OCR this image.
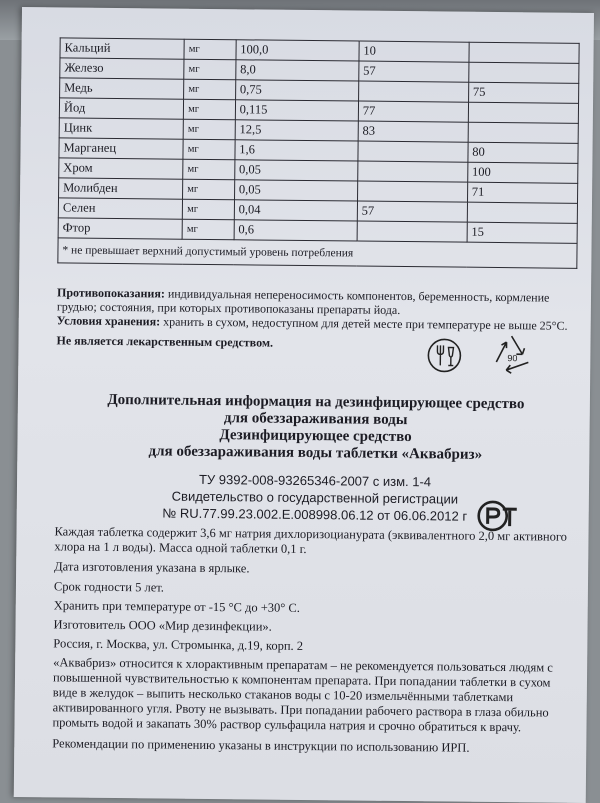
Кальций	мг	100,0	10	
Железо	мг	8,0	57	
Медь	мг	0,75		75
Йод	мг	0,115	77	
Цинк	мг	12,5	83	
Марганец	мг	1,6		80
Хром	мг	0,05		100
Молибден	мг	0,05		71
Селен	мг	0,04	57	
Фтор	мг	0,6		15
* не превышает верхний допустимый уровень потребления				

Противопоказания: индивидуальная непереносимость компонентов, беременность, кормление грудью; состояния, при которых противопоказаны препараты йода.

Условия хранения: хранить в сухом, недоступном для детей месте при температуре не выше 25°С.

Не является лекарственным средством.

90

Дополнительная информация на дезинфицирующее средство

для обеззараживания воды

Дезинфицирующее средство

для обеззараживания воды таблетки «Аквабриз»

ТУ 9392-008-93265346-2007 с изм. 1-4

Свидетельство о государственной регистрации

№ RU.77.99.23.002.Е.008998.06.12 от 06.06.2012 г

Каждая таблетка содержит 3,6 мг натрия дихлоризоцианурата (эквивалентного 2,0 мг активного хлора на 1 л воды). Масса одной таблетки 0,1 г.

Дата изготовления указана в ярлыке.

Срок годности 5 лет.

Хранить при температуре от -15 °С до +30° С.

Изготовитель ООО «Мир дезинфекции».

Россия, г. Москва, ул. Стромынка, д.19, корп. 2

«Аквабриз» относится к хлорактивным препаратам – не рекомендуется пользоваться людям с повышенной чувствительностью к компонентам препарата. При попадании таблетки в сухом виде в желудок – выпить несколько стаканов воды с 10-20 измельчёнными таблетками активированного угля. Рвоту не вызывать. При попадании рабочего раствора в глаза обильно промыть водой и закапать 30% раствор сульфацила натрия и срочно обратиться к врачу.

Рекомендации по применению указаны в инструкции по использованию ИРП.
